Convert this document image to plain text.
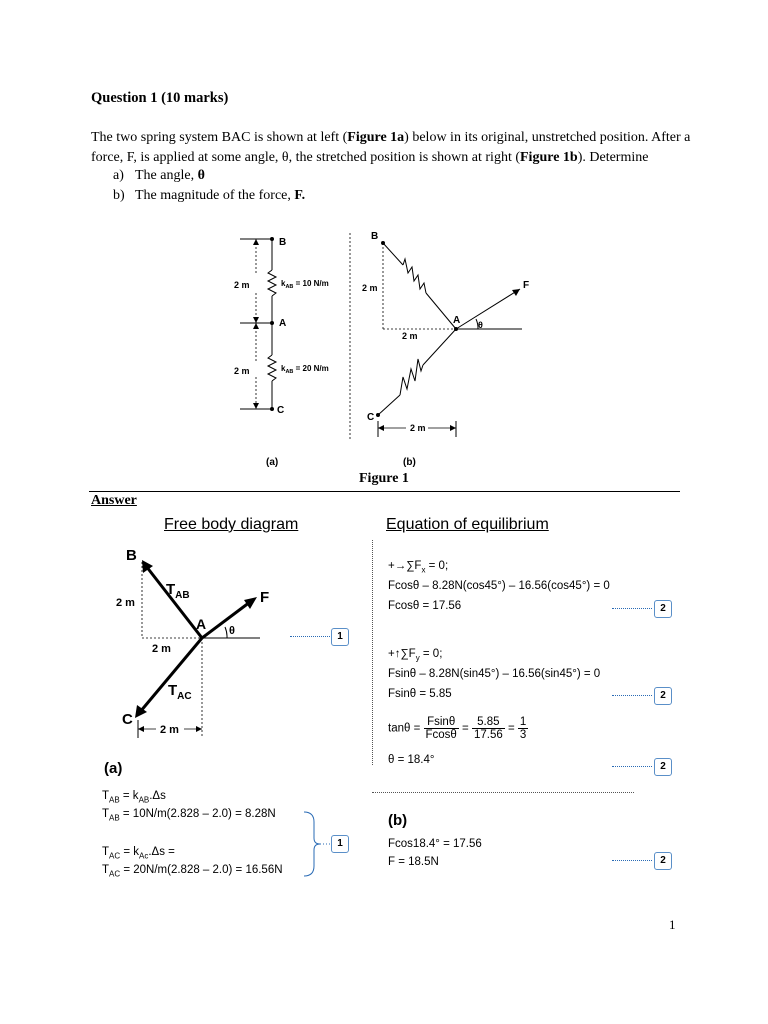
Question 1 (10 marks)
The two spring system BAC is shown at left (Figure 1a) below in its original, unstretched position. After a force, F, is applied at some angle, θ, the stretched position is shown at right (Figure 1b). Determine
a) The angle, θ
b) The magnitude of the force, F.
2 m
2 m
B
A
C
$k_{AB} = 10$ N/m
$k_{AB} = 20$ N/m
(a)
B
F
A θ
2 m
2 m
C
2 m
(b)
Figure 1
Answer
Free body diagram	Equation of equilibrium
B
$T_{AB}$	F
A θ
2 m
2 m
$T_{AC}$
C
2 m
1
(a)
$T_{AB} = k_{AB}.\Delta s$
$T_{AB} = 10N/m(2.828 - 2.0) = 8.28N$
$T_{AC} = k_{Ac}.\Delta s$ =
$T_{AC} = 20N/m(2.828 - 2.0) = 16.56N$
1
$+\to\sum F_x = 0$;
Fcosθ – 8.28N(cos45°) – 16.56(cos45°) = 0
Fcosθ = 17.56	2
$+↑\sum F_y = 0$;
Fsinθ – 8.28N(sin45°) – 16.56(sin45°) = 0
Fsinθ = 5.85	2
$\tan\theta = \frac{Fsin\theta}{Fcos\theta} = \frac{5.85}{17.56} = \frac{1}{3}$
θ = 18.4°
2
(b)
Fcos18.4° = 17.56
F = 18.5N	2
1
